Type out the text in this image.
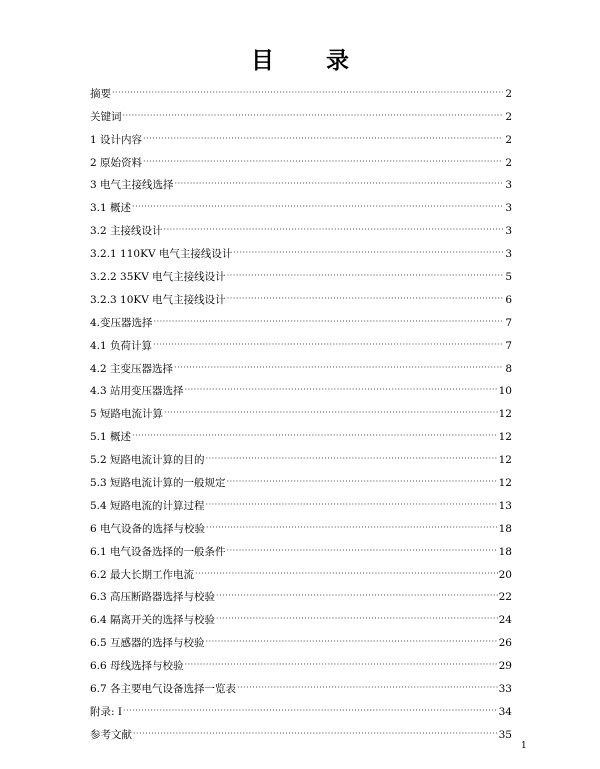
目 录
摘要 ·····	2
关键词 ·····	2
1 设计内容 ·····	2
2 原始资料 ·····	2
3 电气主接线选择 ·····	3
3.1 概述 ·····	3
3.2 主接线设计 ·····	3
3.2.1 110KV 电气主接线设计 ·····	3
3.2.2 35KV 电气主接线设计 ·····	5
3.2.3 10KV 电气主接线设计 ·····	6
4.变压器选择 ·····	7
4.1 负荷计算 ·····	7
4.2 主变压器选择 ·····	8
4.3 站用变压器选择 ·····	10
5 短路电流计算 ·····	12
5.1 概述 ·····	12
5.2 短路电流计算的目的 ·····	12
5.3 短路电流计算的一般规定 ·····	12
5.4 短路电流的计算过程 ·····	13
6 电气设备的选择与校验 ·····	18
6.1 电气设备选择的一般条件 ·····	18
6.2 最大长期工作电流 ·····	20
6.3 高压断路器选择与校验 ·····	22
6.4 隔离开关的选择与校验 ·····	24
6.5 互感器的选择与校验 ·····	26
6.6 母线选择与校验 ·····	29
6.7 各主要电气设备选择一览表 ·····	33
附录: Ⅰ ·····	34
参考文献 ·····	35
1
